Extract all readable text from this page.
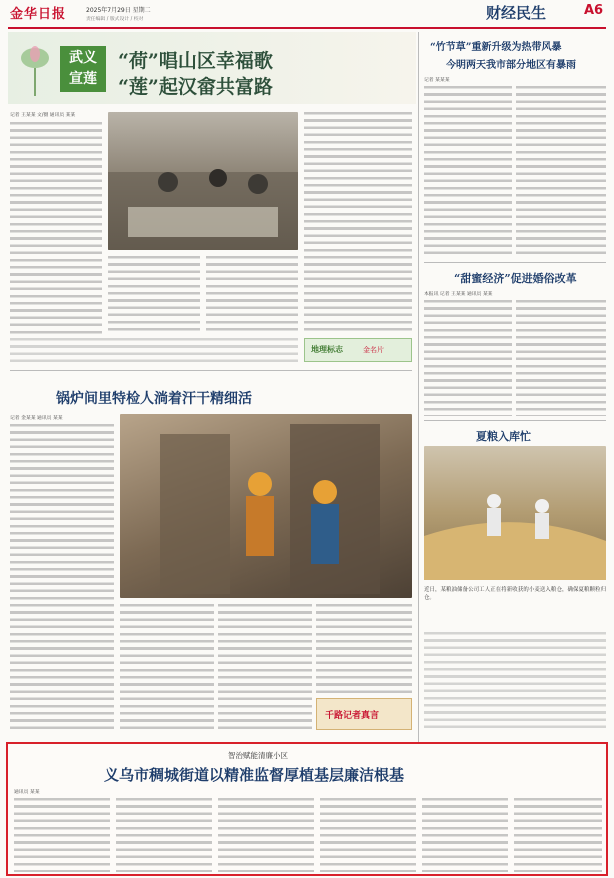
金华日报	2025年7月29日 星期二
责任编辑 / 版式设计 / 校对	财经民生	A6
武义
宣莲
“荷”唱山区幸福歌
“莲”起汉畲共富路
记者 王某某 文/摄 通讯员 某某
地理标志	金名片
“竹节草”重新升级为热带风暴
今明两天我市部分地区有暴雨
记者 某某某
“甜蜜经济”促进婚俗改革
本报讯 记者 王某某 通讯员 某某
锅炉间里特检人淌着汗干精细活
记者 金某某 通讯员 某某
千路记者真言
夏粮入库忙
近日，某粮油储备公司工人正在将新收获的小麦送入粮仓，确保夏粮颗粒归仓。
智治赋能清廉小区
义乌市稠城街道以精准监督厚植基层廉洁根基
通讯员 某某
